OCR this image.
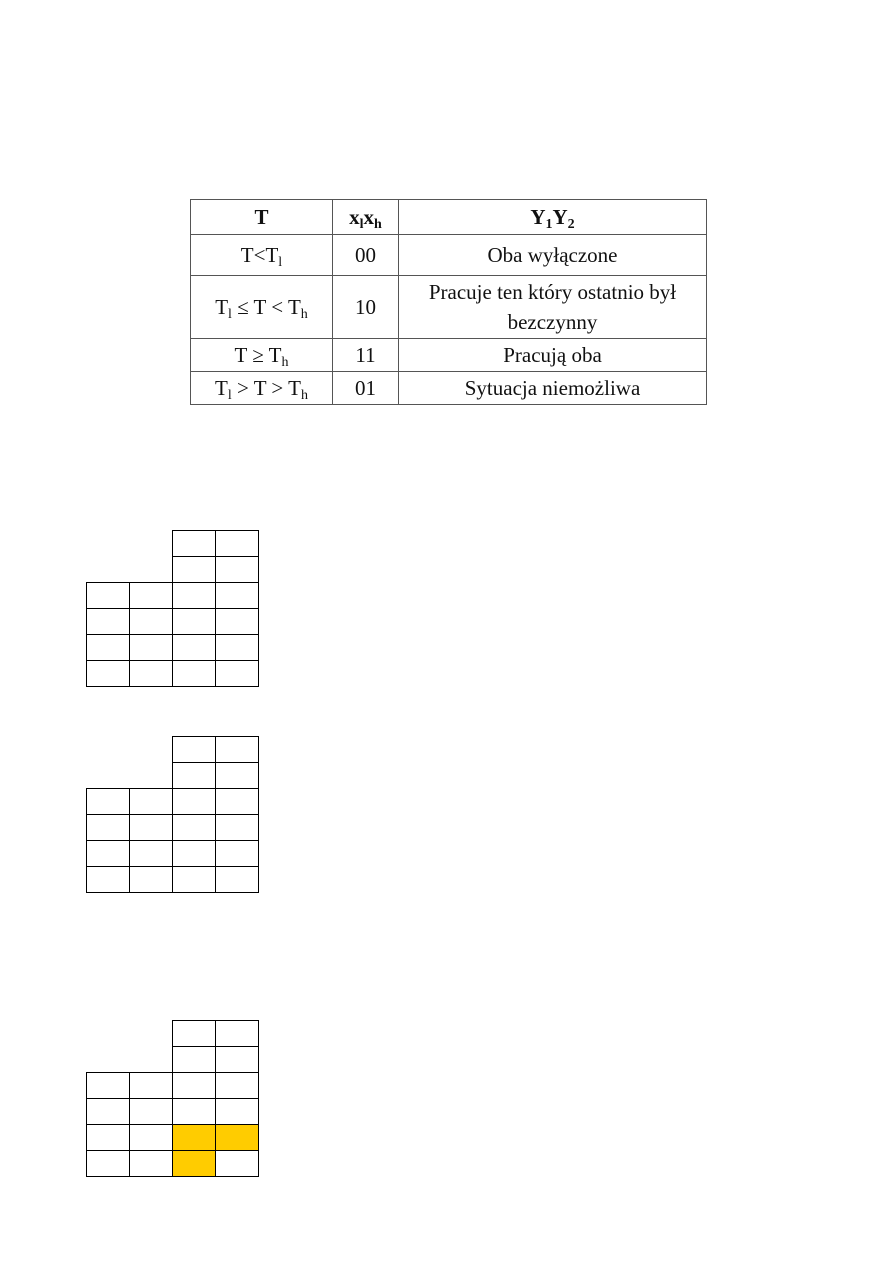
T	$x_lx_h$	$Y_1Y_2$
$T<T_l$	00	Oba wyłączone
$T_l \le T < T_h$	10	Pracuje ten który ostatnio był
bezczynny
$T \ge T_h$	11	Pracują oba
$T_l > T > T_h$	01	Sytuacja niemożliwa
